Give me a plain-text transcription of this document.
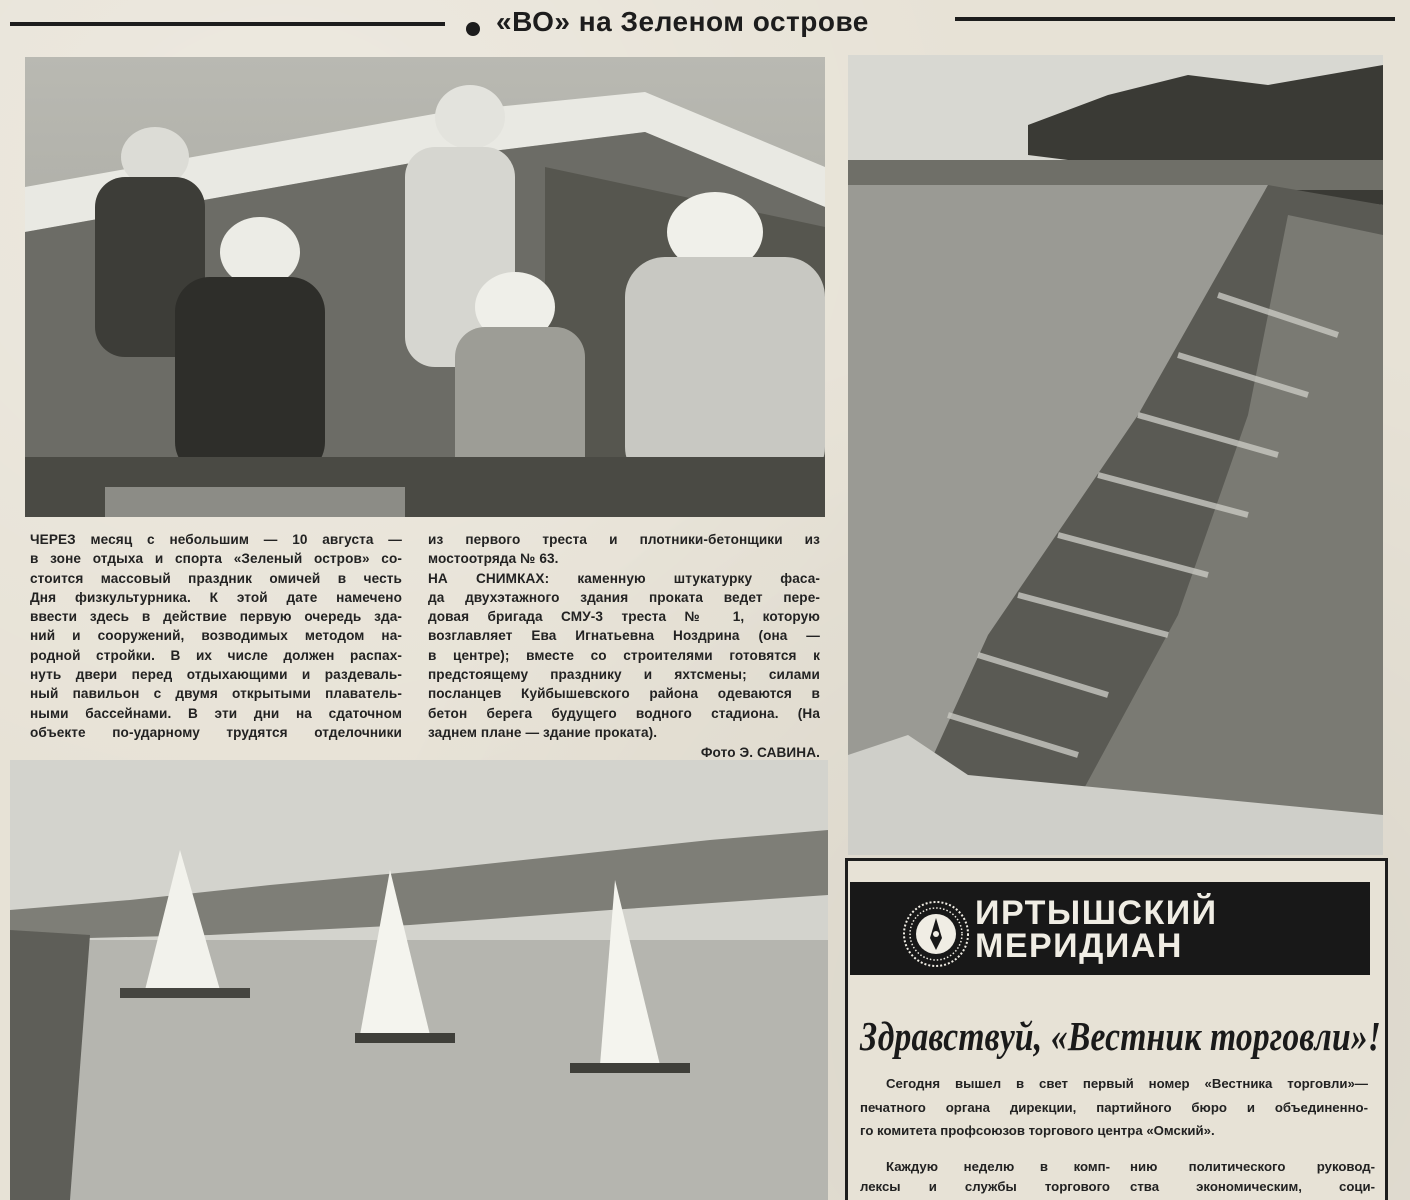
«ВО» на Зеленом острове
ЧЕРЕЗ месяц с небольшим — 10 августа —
в зоне отдыха и спорта «Зеленый остров» со-
стоится массовый праздник омичей в честь
Дня физкультурника. К этой дате намечено
ввести здесь в действие первую очередь зда-
ний и сооружений, возводимых методом на-
родной стройки. В их числе должен распах-
нуть двери перед отдыхающими и раздеваль-
ный павильон с двумя открытыми плаватель-
ными бассейнами. В эти дни на сдаточном
объекте по-ударному трудятся отделочники
из первого треста и плотники-бетонщики из
мостоотряда № 63.
НА СНИМКАХ: каменную штукатурку фаса-
да двухэтажного здания проката ведет пере-
довая бригада СМУ-3 треста № 1, которую
возглавляет Ева Игнатьевна Ноздрина (она —
в центре); вместе со строителями готовятся к
предстоящему празднику и яхтсмены; силами
посланцев Куйбышевского района одеваются в
бетон берега будущего водного стадиона. (На
заднем плане — здание проката).
Фото Э. САВИНА.
ИРТЫШСКИЙ
МЕРИДИАН
Здравствуй, «Вестник торговли»!
Сегодня вышел в свет первый номер «Вестника торговли»—
печатного органа дирекции, партийного бюро и объединенно-
го комитета профсоюзов торгового центра «Омский».
Каждую неделю в комп-
лексы и службы торгового
нию политического руковод-
ства экономическим, соци-
